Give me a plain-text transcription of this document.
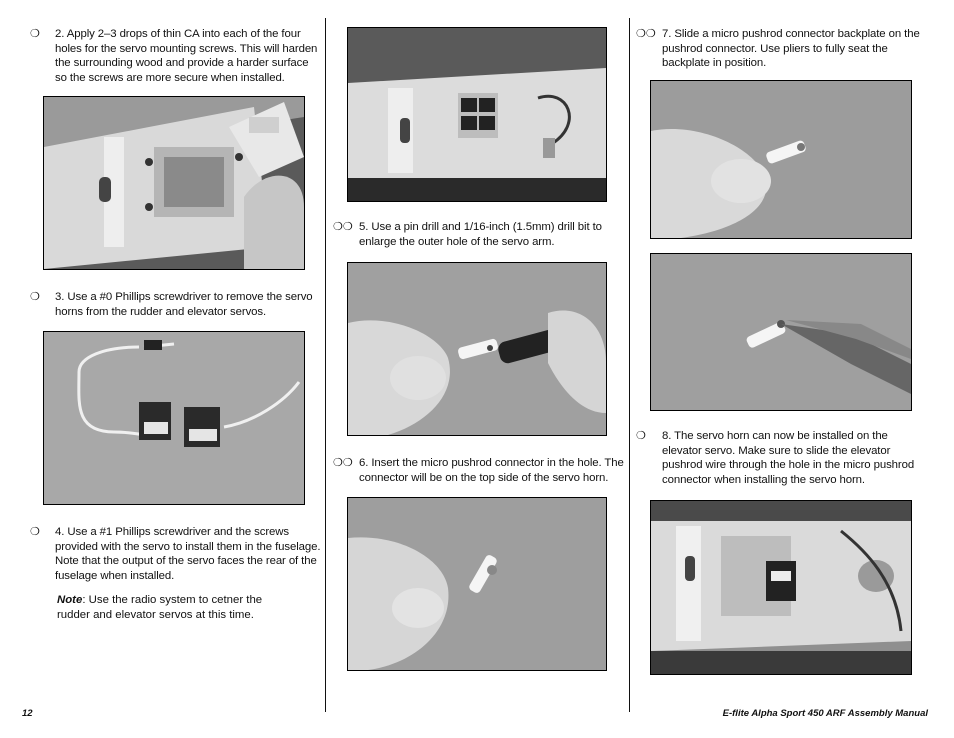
❍ 2. Apply 2–3 drops of thin CA into each of the four holes for the servo mounting screws. This will harden the surrounding wood and provide a harder surface so the screws are more secure when installed.
❍ 3. Use a #0 Phillips screwdriver to remove the servo horns from the rudder and elevator servos.
❍ 4. Use a #1 Phillips screwdriver and the screws provided with the servo to install them in the fuselage. Note that the output of the servo faces the rear of the fuselage when installed.
Note: Use the radio system to cetner the rudder and elevator servos at this time.
❍❍ 5. Use a pin drill and 1/16-inch (1.5mm) drill bit to enlarge the outer hole of the servo arm.
❍❍ 6. Insert the micro pushrod connector in the hole. The connector will be on the top side of the servo horn.
❍❍ 7. Slide a micro pushrod connector backplate on the pushrod connector. Use pliers to fully seat the backplate in position.
❍ 8. The servo horn can now be installed on the elevator servo. Make sure to slide the elevator pushrod wire through the hole in the micro pushrod connector when installing the servo horn.
12	E-flite Alpha Sport 450 ARF Assembly Manual
